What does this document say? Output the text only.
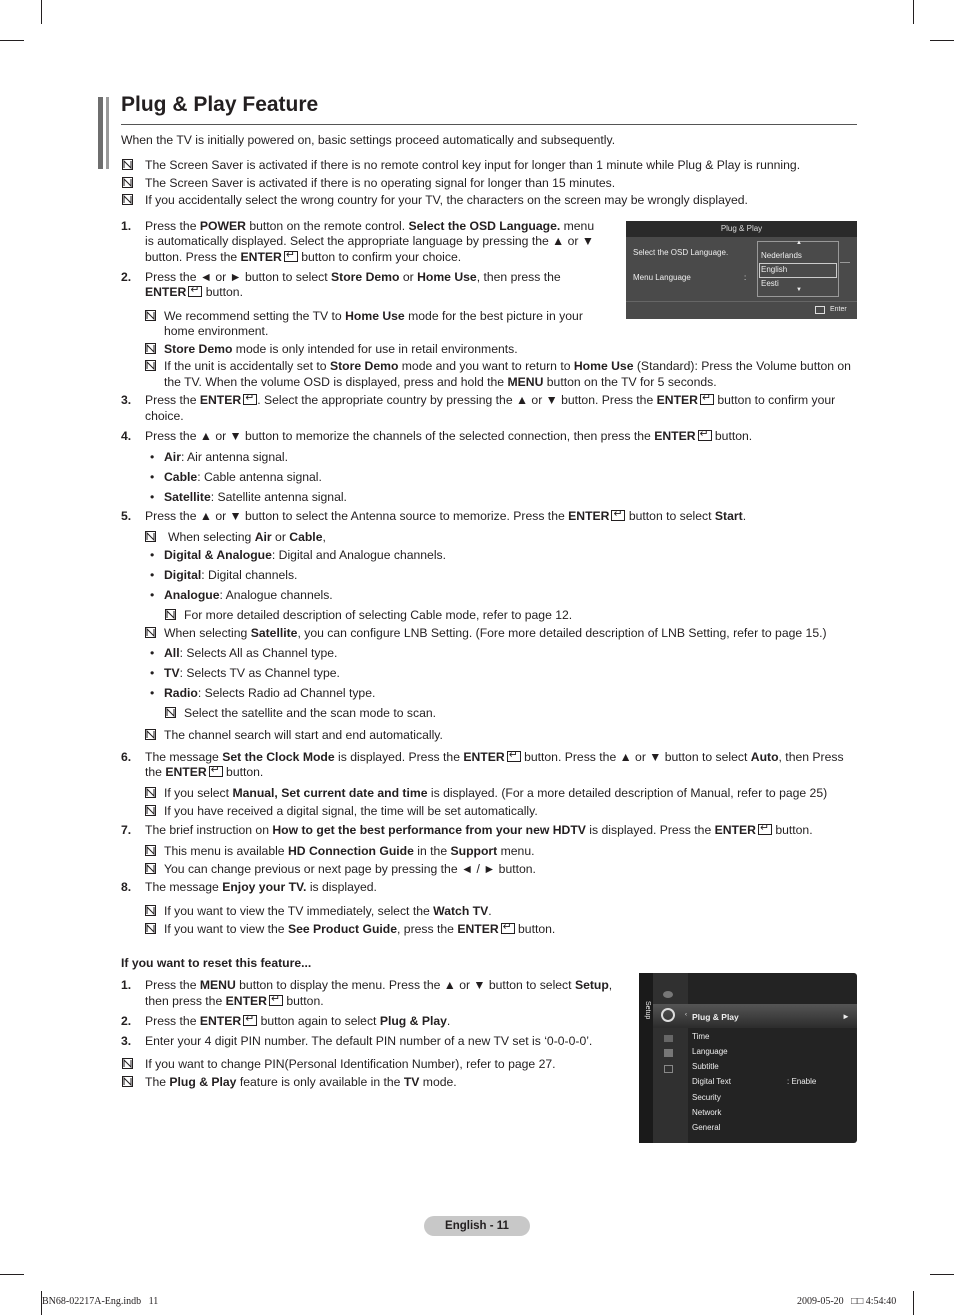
Plug & Play Feature
When the TV is initially powered on, basic settings proceed automatically and subsequently.
The Screen Saver is activated if there is no remote control key input for longer than 1 minute while Plug & Play is running.
The Screen Saver is activated if there is no operating signal for longer than 15 minutes.
If you accidentally select the wrong country for your TV, the characters on the screen may be wrongly displayed.
1. Press the POWER button on the remote control. Select the OSD Language. menu
is automatically displayed. Select the appropriate language by pressing the ▲ or ▼
button. Press the ENTER ↵ button to confirm your choice.
2. Press the ◄ or ► button to select Store Demo or Home Use, then press the
ENTER ↵ button.
Plug & Play
Select the OSD Language.
Menu Language	:
▲
Nederlands
English
Eesti
▼
Enter
We recommend setting the TV to Home Use mode for the best picture in your
home environment.
Store Demo mode is only intended for use in retail environments.
If the unit is accidentally set to Store Demo mode and you want to return to Home Use (Standard): Press the Volume button on
the TV. When the volume OSD is displayed, press and hold the MENU button on the TV for 5 seconds.
3. Press the ENTER ↵ . Select the appropriate country by pressing the ▲ or ▼ button. Press the ENTER ↵ button to confirm your
choice.
4. Press the ▲ or ▼ button to memorize the channels of the selected connection, then press the ENTER ↵ button.
• Air: Air antenna signal.
• Cable: Cable antenna signal.
• Satellite: Satellite antenna signal.
5. Press the ▲ or ▼ button to select the Antenna source to memorize. Press the ENTER ↵ button to select Start.
When selecting Air or Cable,
• Digital & Analogue: Digital and Analogue channels.
• Digital: Digital channels.
• Analogue: Analogue channels.
For more detailed description of selecting Cable mode, refer to page 12.
When selecting Satellite, you can configure LNB Setting. (Fore more detailed description of LNB Setting, refer to page 15.)
• All: Selects All as Channel type.
• TV: Selects TV as Channel type.
• Radio: Selects Radio ad Channel type.
Select the satellite and the scan mode to scan.
The channel search will start and end automatically.
6. The message Set the Clock Mode is displayed. Press the ENTER ↵ button. Press the ▲ or ▼ button to select Auto, then Press
the ENTER ↵ button.
If you select Manual, Set current date and time is displayed. (For a more detailed description of Manual, refer to page 25)
If you have received a digital signal, the time will be set automatically.
7. The brief instruction on How to get the best performance from your new HDTV is displayed. Press the ENTER ↵ button.
This menu is available HD Connection Guide in the Support menu.
You can change previous or next page by pressing the ◄ / ► button.
8. The message Enjoy your TV. is displayed.
If you want to view the TV immediately, select the Watch TV.
If you want to view the See Product Guide, press the ENTER ↵ button.
If you want to reset this feature...
1. Press the MENU button to display the menu. Press the ▲ or ▼ button to select Setup,
then press the ENTER ↵ button.
2. Press the ENTER ↵ button again to select Plug & Play.
3. Enter your 4 digit PIN number. The default PIN number of a new TV set is ‘0-0-0-0’.
If you want to change PIN(Personal Identification Number), refer to page 27.
The Plug & Play feature is only available in the TV mode.
Setup	‹ Plug & Play	►
Time
Language
Subtitle
Digital Text	: Enable
Security
Network
General
English - 11
BN68-02217A-Eng.indb   11	2009-05-20   □□ 4:54:40
